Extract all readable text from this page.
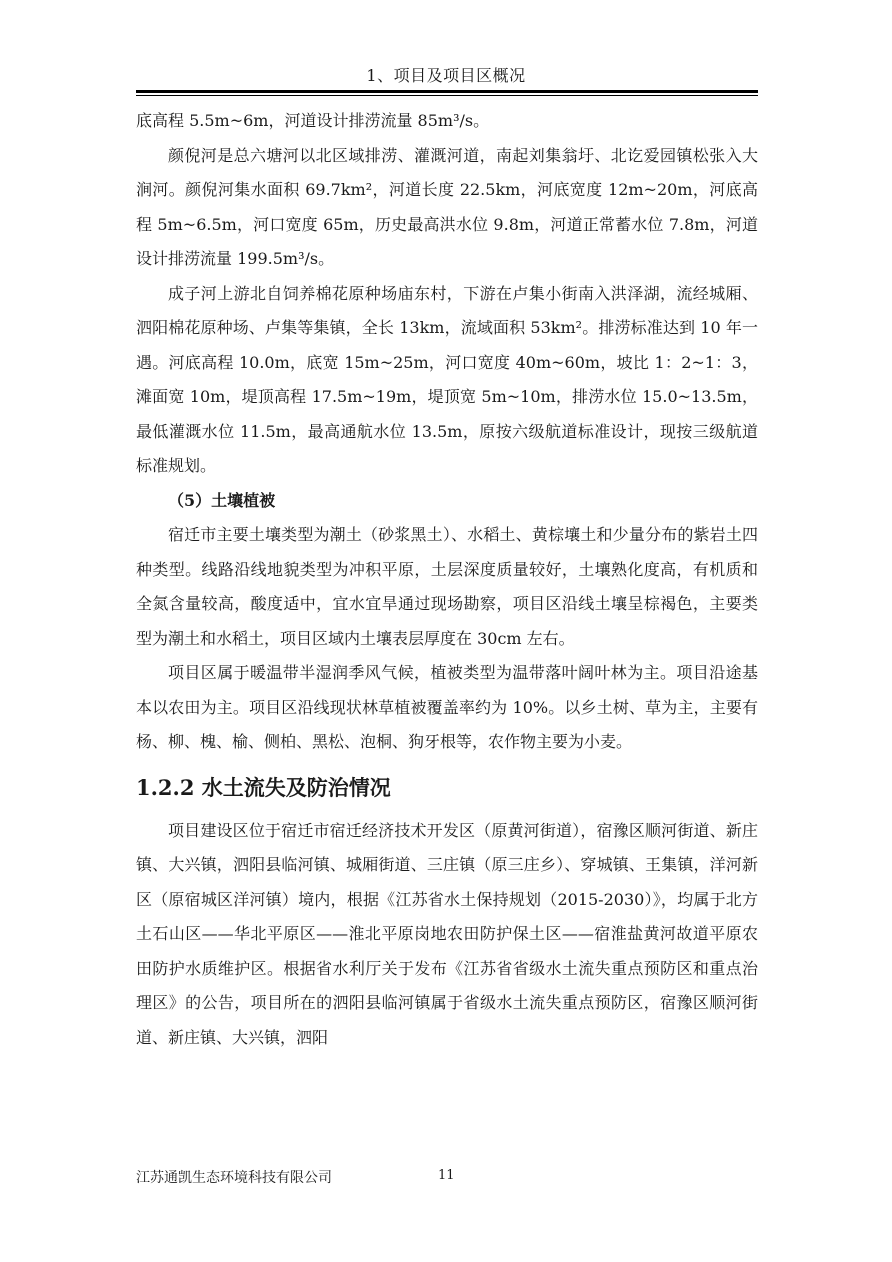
1、项目及项目区概况

底高程 5.5m~6m，河道设计排涝流量 85m³/s。

颜倪河是总六塘河以北区域排涝、灌溉河道，南起刘集翁圩、北讫爱园镇松张入大涧河。颜倪河集水面积 69.7km²，河道长度 22.5km，河底宽度 12m~20m，河底高程 5m~6.5m，河口宽度 65m，历史最高洪水位 9.8m，河道正常蓄水位 7.8m，河道设计排涝流量 199.5m³/s。

成子河上游北自饲养棉花原种场庙东村，下游在卢集小街南入洪泽湖，流经城厢、泗阳棉花原种场、卢集等集镇，全长 13km，流域面积 53km²。排涝标准达到 10 年一遇。河底高程 10.0m，底宽 15m~25m，河口宽度 40m~60m，坡比 1：2~1：3，滩面宽 10m，堤顶高程 17.5m~19m，堤顶宽 5m~10m，排涝水位 15.0~13.5m，最低灌溉水位 11.5m，最高通航水位 13.5m，原按六级航道标准设计，现按三级航道标准规划。

（5）土壤植被

宿迁市主要土壤类型为潮土（砂浆黑土）、水稻土、黄棕壤土和少量分布的紫岩土四种类型。线路沿线地貌类型为冲积平原，土层深度质量较好，土壤熟化度高，有机质和全氮含量较高，酸度适中，宜水宜旱通过现场勘察，项目区沿线土壤呈棕褐色，主要类型为潮土和水稻土，项目区域内土壤表层厚度在 30cm 左右。

项目区属于暖温带半湿润季风气候，植被类型为温带落叶阔叶林为主。项目沿途基本以农田为主。项目区沿线现状林草植被覆盖率约为 10%。以乡土树、草为主，主要有杨、柳、槐、榆、侧柏、黑松、泡桐、狗牙根等，农作物主要为小麦。

1.2.2 水土流失及防治情况

项目建设区位于宿迁市宿迁经济技术开发区（原黄河街道），宿豫区顺河街道、新庄镇、大兴镇，泗阳县临河镇、城厢街道、三庄镇（原三庄乡）、穿城镇、王集镇，洋河新区（原宿城区洋河镇）境内，根据《江苏省水土保持规划（2015-2030）》，均属于北方土石山区——华北平原区——淮北平原岗地农田防护保土区——宿淮盐黄河故道平原农田防护水质维护区。根据省水利厅关于发布《江苏省省级水土流失重点预防区和重点治理区》的公告，项目所在的泗阳县临河镇属于省级水土流失重点预防区，宿豫区顺河街道、新庄镇、大兴镇，泗阳

江苏通凯生态环境科技有限公司	11
